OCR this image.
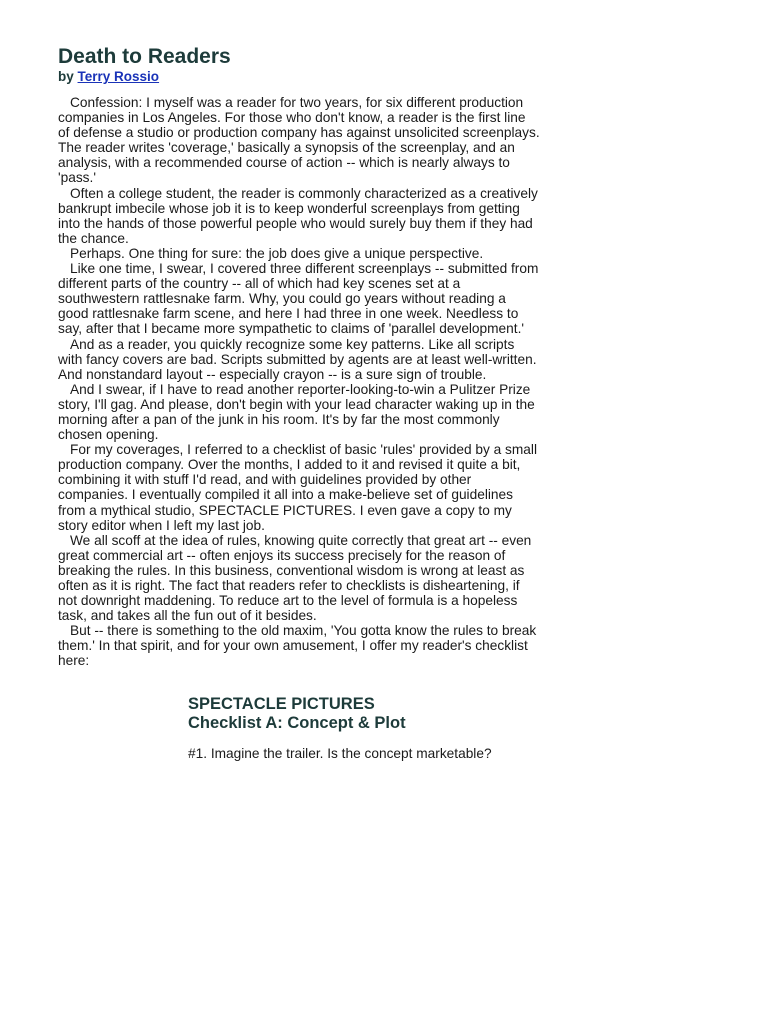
Death to Readers
by Terry Rossio

Confession: I myself was a reader for two years, for six different production companies in Los Angeles. For those who don't know, a reader is the first line of defense a studio or production company has against unsolicited screenplays. The reader writes 'coverage,' basically a synopsis of the screenplay, and an analysis, with a recommended course of action -- which is nearly always to 'pass.'

Often a college student, the reader is commonly characterized as a creatively bankrupt imbecile whose job it is to keep wonderful screenplays from getting into the hands of those powerful people who would surely buy them if they had the chance.

Perhaps. One thing for sure: the job does give a unique perspective.

Like one time, I swear, I covered three different screenplays -- submitted from different parts of the country -- all of which had key scenes set at a southwestern rattlesnake farm. Why, you could go years without reading a good rattlesnake farm scene, and here I had three in one week. Needless to say, after that I became more sympathetic to claims of 'parallel development.'

And as a reader, you quickly recognize some key patterns. Like all scripts with fancy covers are bad. Scripts submitted by agents are at least well-written. And nonstandard layout -- especially crayon -- is a sure sign of trouble.

And I swear, if I have to read another reporter-looking-to-win a Pulitzer Prize story, I'll gag. And please, don't begin with your lead character waking up in the morning after a pan of the junk in his room. It's by far the most commonly chosen opening.

For my coverages, I referred to a checklist of basic 'rules' provided by a small production company. Over the months, I added to it and revised it quite a bit, combining it with stuff I'd read, and with guidelines provided by other companies. I eventually compiled it all into a make-believe set of guidelines from a mythical studio, SPECTACLE PICTURES. I even gave a copy to my story editor when I left my last job.

We all scoff at the idea of rules, knowing quite correctly that great art -- even great commercial art -- often enjoys its success precisely for the reason of breaking the rules. In this business, conventional wisdom is wrong at least as often as it is right. The fact that readers refer to checklists is disheartening, if not downright maddening. To reduce art to the level of formula is a hopeless task, and takes all the fun out of it besides.

But -- there is something to the old maxim, 'You gotta know the rules to break them.' In that spirit, and for your own amusement, I offer my reader's checklist here:

SPECTACLE PICTURES
Checklist A: Concept & Plot
#1. Imagine the trailer. Is the concept marketable?
